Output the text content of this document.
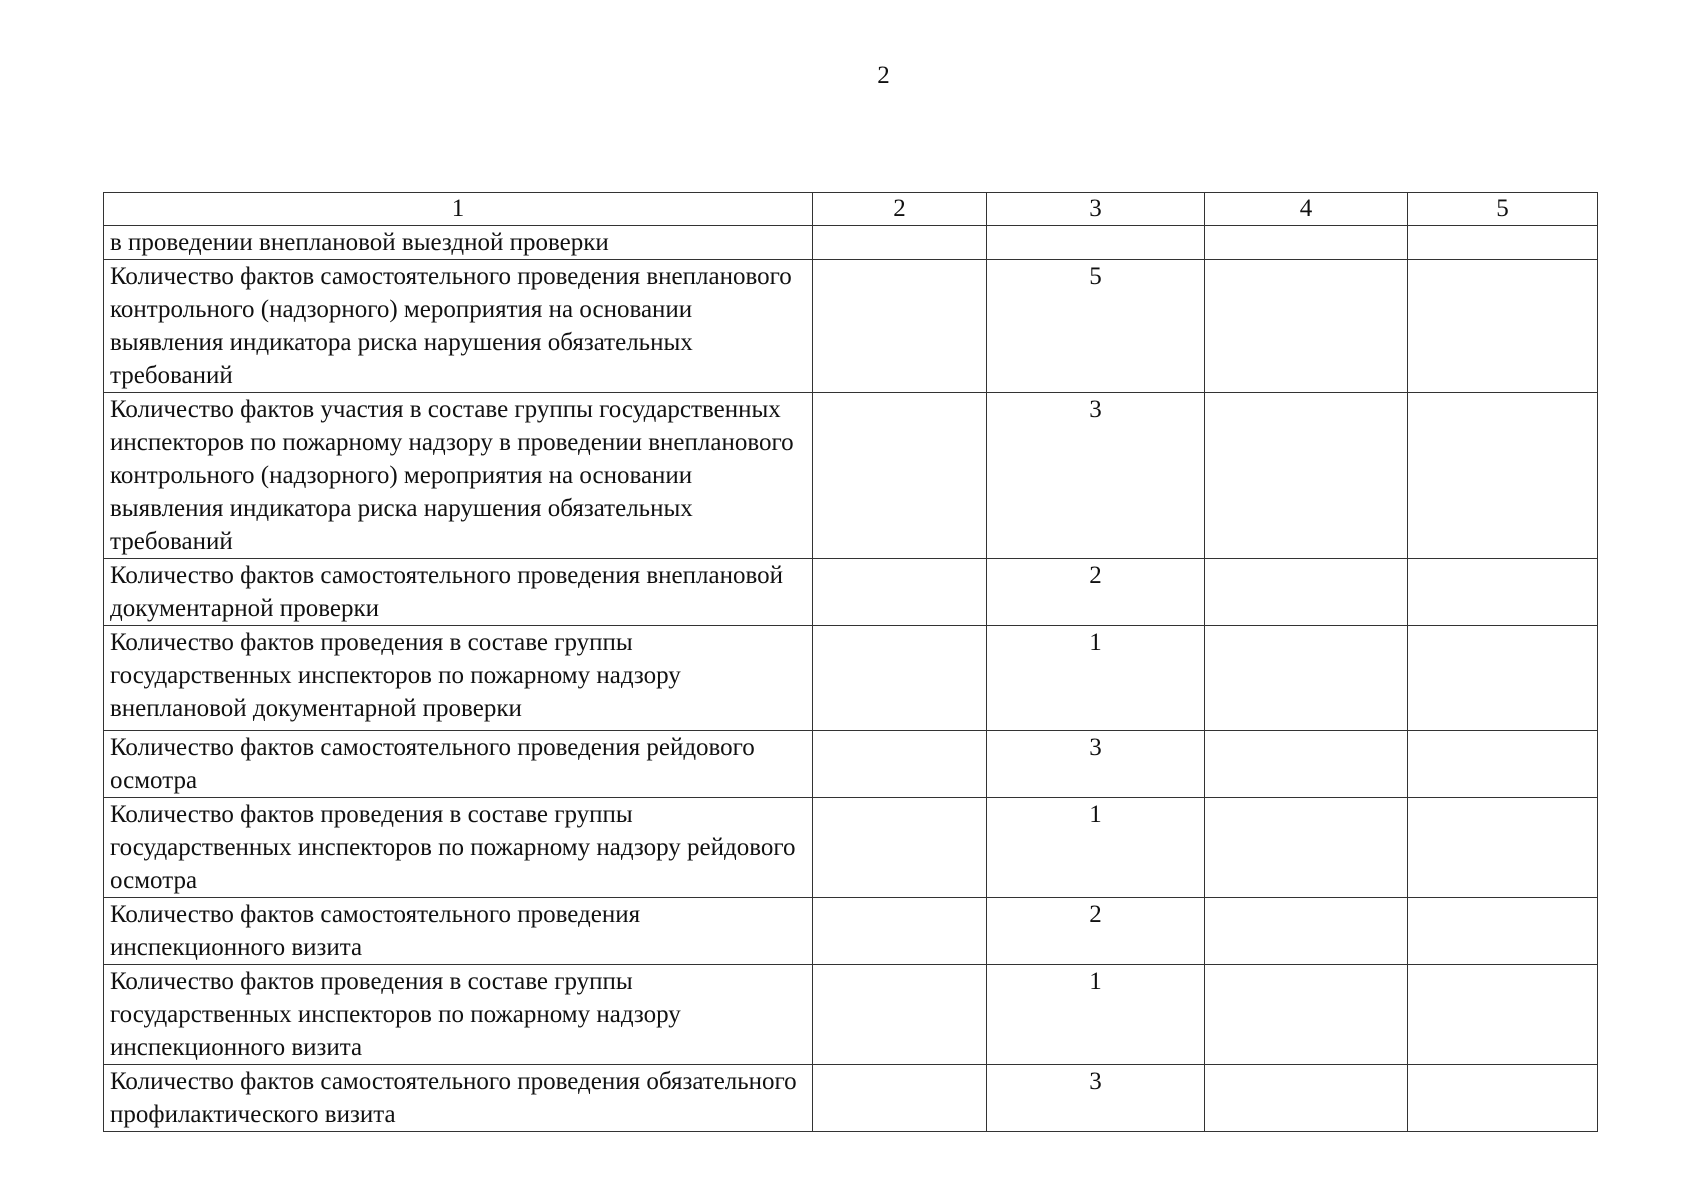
2
1	2	3	4	5
в проведении внеплановой выездной проверки				
Количество фактов самостоятельного проведения внепланового контрольного (надзорного) мероприятия на основании выявления индикатора риска нарушения обязательных требований		5		
Количество фактов участия в составе группы государственных инспекторов по пожарному надзору в проведении внепланового контрольного (надзорного) мероприятия на основании выявления индикатора риска нарушения обязательных требований		3		
Количество фактов самостоятельного проведения внеплановой документарной проверки		2		
Количество фактов проведения в составе группы государственных инспекторов по пожарному надзору внеплановой документарной проверки		1		
Количество фактов самостоятельного проведения рейдового осмотра		3		
Количество фактов проведения в составе группы государственных инспекторов по пожарному надзору рейдового осмотра		1		
Количество фактов самостоятельного проведения инспекционного визита		2		
Количество фактов проведения в составе группы государственных инспекторов по пожарному надзору инспекционного визита		1		
Количество фактов самостоятельного проведения обязательного профилактического визита		3		
